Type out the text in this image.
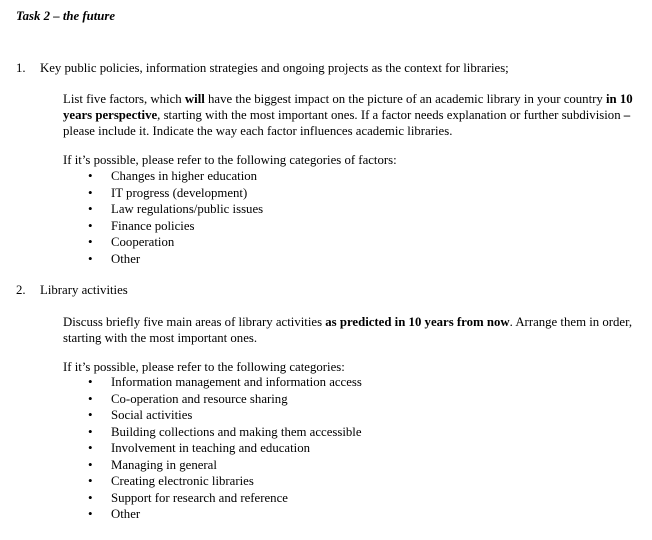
Task 2 – the future
1. Key public policies, information strategies and ongoing projects as the context for libraries;
List five factors, which will have the biggest impact on the picture of an academic library in your country in 10 years perspective, starting with the most important ones. If a factor needs explanation or further subdivision – please include it. Indicate the way each factor influences academic libraries.
If it’s possible, please refer to the following categories of factors:
• Changes in higher education
• IT progress (development)
• Law regulations/public issues
• Finance policies
• Cooperation
• Other
2. Library activities
Discuss briefly five main areas of library activities as predicted in 10 years from now. Arrange them in order, starting with the most important ones.
If it’s possible, please refer to the following categories:
• Information management and information access
• Co-operation and resource sharing
• Social activities
• Building collections and making them accessible
• Involvement in teaching and education
• Managing in general
• Creating electronic libraries
• Support for research and reference
• Other
